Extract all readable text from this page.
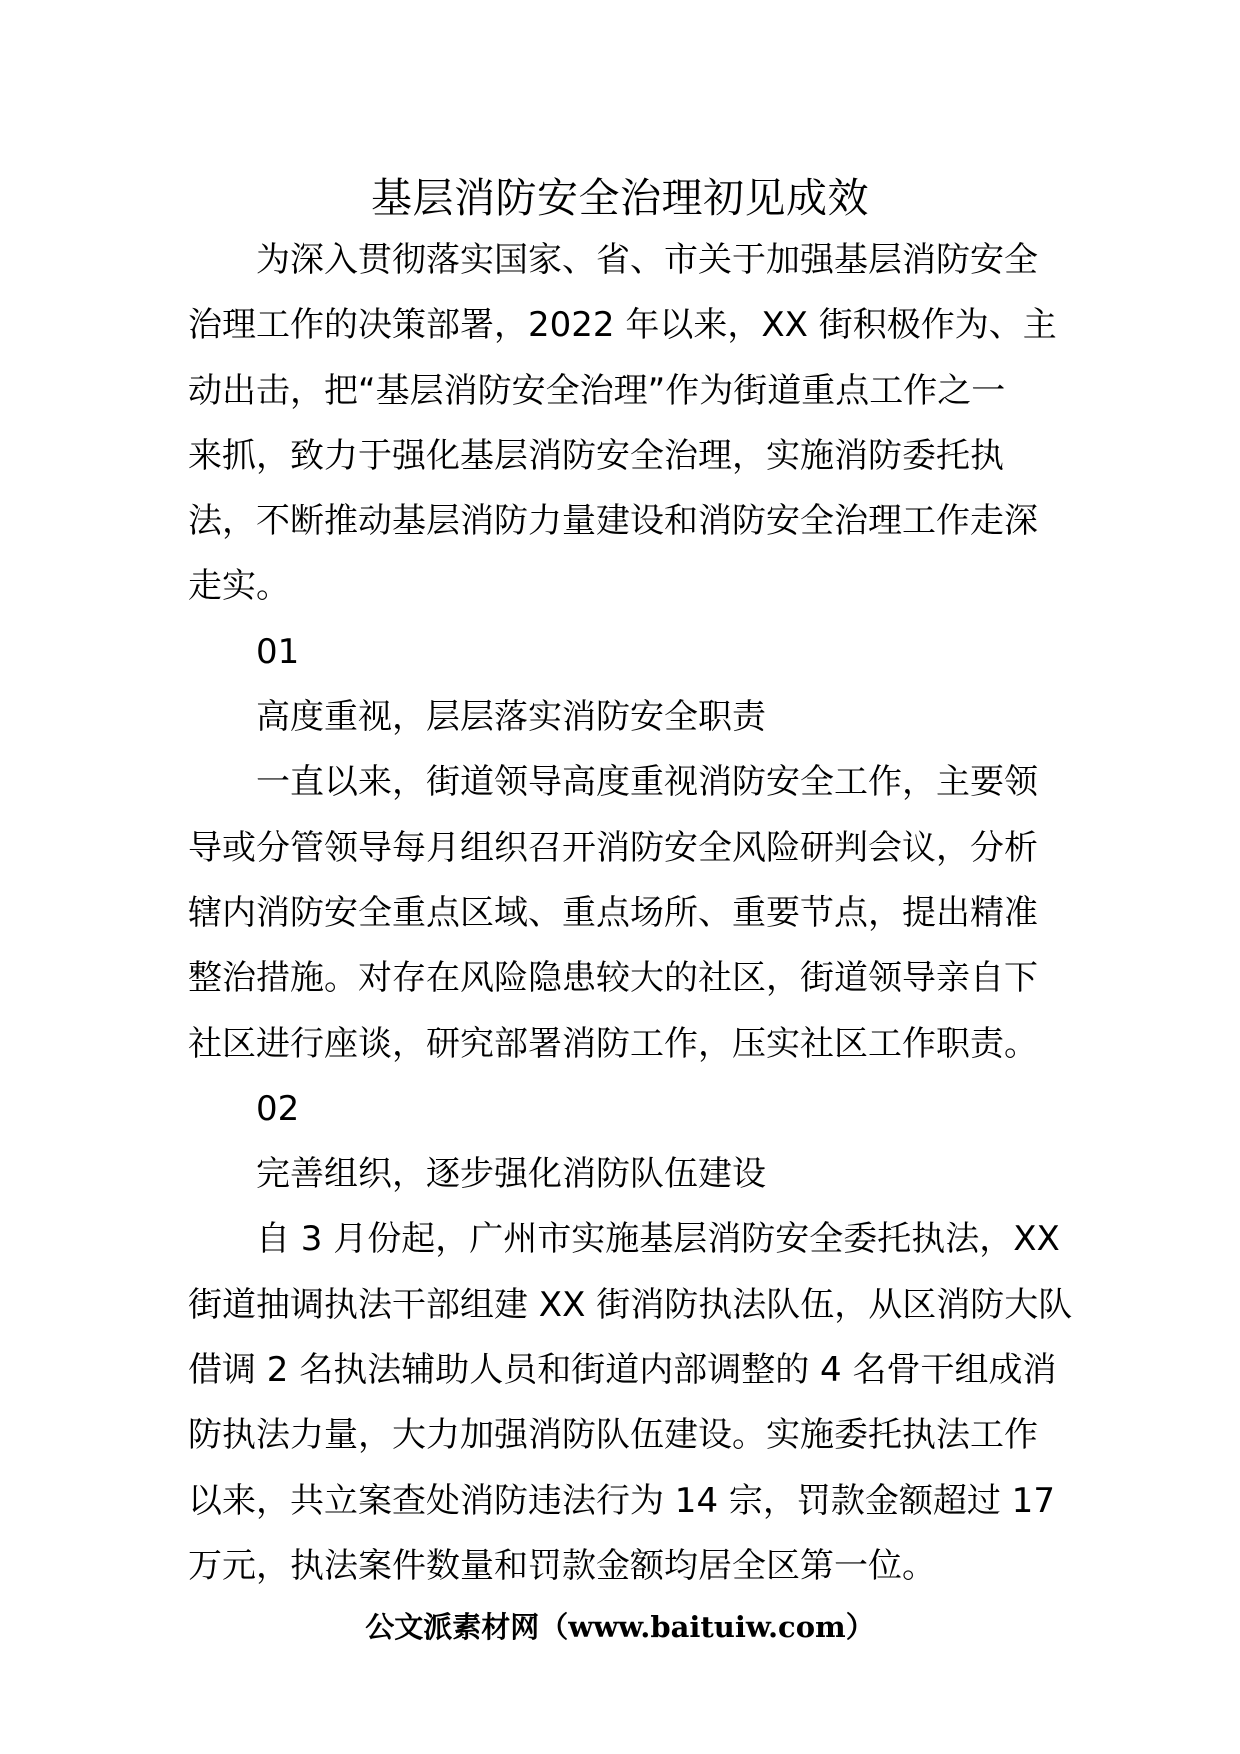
基层消防安全治理初见成效
为深入贯彻落实国家、省、市关于加强基层消防安全
治理工作的决策部署，2022 年以来，XX 街积极作为、主
动出击，把“基层消防安全治理”作为街道重点工作之一
来抓，致力于强化基层消防安全治理，实施消防委托执
法，不断推动基层消防力量建设和消防安全治理工作走深
走实。
01
高度重视，层层落实消防安全职责
一直以来，街道领导高度重视消防安全工作，主要领
导或分管领导每月组织召开消防安全风险研判会议，分析
辖内消防安全重点区域、重点场所、重要节点，提出精准
整治措施。对存在风险隐患较大的社区，街道领导亲自下
社区进行座谈，研究部署消防工作，压实社区工作职责。
02
完善组织，逐步强化消防队伍建设
自 3 月份起，广州市实施基层消防安全委托执法，XX
街道抽调执法干部组建 XX 街消防执法队伍，从区消防大队
借调 2 名执法辅助人员和街道内部调整的 4 名骨干组成消
防执法力量，大力加强消防队伍建设。实施委托执法工作
以来，共立案查处消防违法行为 14 宗，罚款金额超过 17
万元，执法案件数量和罚款金额均居全区第一位。
公文派素材网（www.baituiw.com）
